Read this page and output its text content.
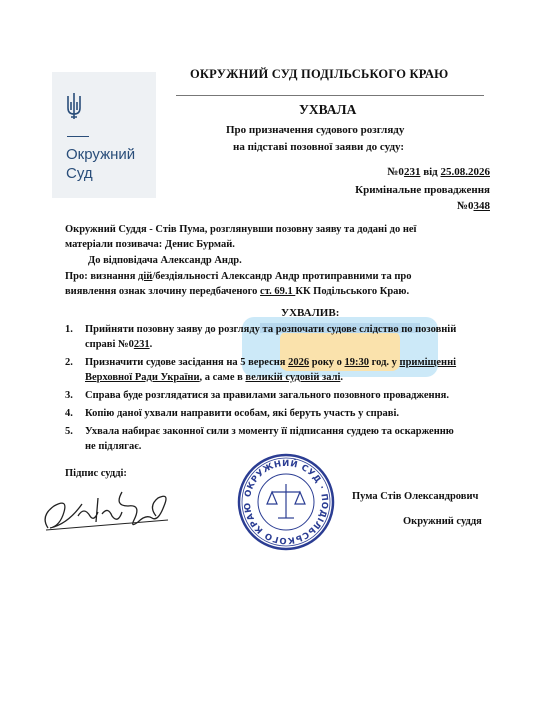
Окружний
Суд
ОКРУЖНИЙ СУД ПОДІЛЬСЬКОГО КРАЮ
УХВАЛА
Про призначення судового розгляду
на підставі позовної заяви до суду:
№0231 від 25.08.2026
Кримінальне провадження
№0348
Окружний Суддя - Стів Пума, розглянувши позовну заяву та додані до неї матеріали позивача: Денис Бурмай.
До відповідача Александр Андр.
Про: визнання дій/бездіяльності Александр Андр протиправними та про виявлення ознак злочину передбаченого ст. 69.1 КК Подільського Краю.
УХВАЛИВ:
1. Прийняти позовну заяву до розгляду та розпочати судове слідство по позовній справі №0231.
2. Призначити судове засідання на 5 вересня 2026 року о 19:30 год. у приміщенні Верховної Ради України, а саме в великій судовій залі.
3. Справа буде розглядатися за правилами загального позовного провадження.
4. Копію даної ухвали направити особам, які беруть участь у справі.
5. Ухвала набирає законної сили з моменту її підписання суддею та оскарженню не підлягає.
Підпис судді:
ОКРУЖНИЙ СУД · ПОДІЛЬСЬКОГО КРАЮ
Пума Стів Олександрович
Окружний суддя
